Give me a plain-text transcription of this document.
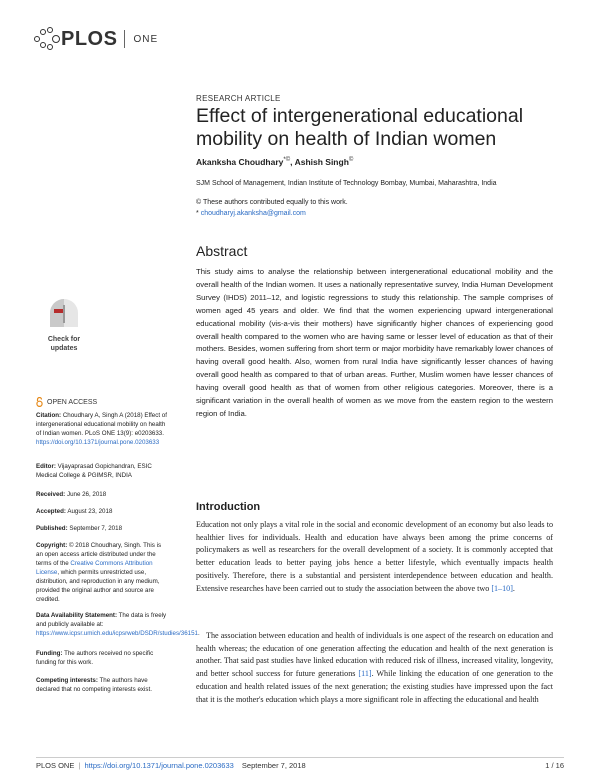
PLOS ONE
RESEARCH ARTICLE
Effect of intergenerational educational mobility on health of Indian women
Akanksha Choudhary*©, Ashish Singh©
SJM School of Management, Indian Institute of Technology Bombay, Mumbai, Maharashtra, India
© These authors contributed equally to this work.
* choudharyj.akanksha@gmail.com
Abstract

This study aims to analyse the relationship between intergenerational educational mobility and the overall health of the Indian women. It uses a nationally representative survey, India Human Development Survey (IHDS) 2011–12, and logistic regressions to study this relationship. The sample comprises of women aged 45 years and older. We find that the women experiencing upward intergenerational educational mobility (vis-a-vis their mothers) have significantly higher chances of experiencing good overall health compared to the women who are having same or lesser level of education as that of their mothers. Besides, women suffering from short term or major morbidity have remarkably lower chances of having overall good health. Also, women from rural India have significantly lesser chances of having overall good health as compared to that of urban areas. Further, Muslim women have lesser chances of having overall good health as that of women from other religious categories. Moreover, there is a significant variation in the overall health of women as we move from the eastern region to the western region of India.

Introduction

Education not only plays a vital role in the social and economic development of an economy but also leads to healthier lives for individuals. Health and education have always been among the prime concerns of policymakers as well as researchers for the overall development of a society. It is commonly accepted that better education leads to better paying jobs hence a better lifestyle, which eventually impacts health positively. Therefore, there is a substantial and persistent interdependence between education and health. Extensive researches have been carried out to study the association between the above two [1–10].

The association between education and health of individuals is one aspect of the research on education and health whereas; the education of one generation affecting the education and health of the next generation is another. That said past studies have linked education with reduced risk of illness, increased vitality, longevity, and better school success for future generations [11]. While linking the education of one generation to the education and health related issues of the next generation; the existing studies have impressed upon the fact that it is the mother's education which plays a more significant role in affecting the educational and health

Check for
updates
OPEN ACCESS
Citation: Choudhary A, Singh A (2018) Effect of intergenerational educational mobility on health of Indian women. PLoS ONE 13(9): e0203633. https://doi.org/10.1371/journal.pone.0203633
Editor: Vijayaprasad Gopichandran, ESIC Medical College & PGIMSR, INDIA
Received: June 26, 2018
Accepted: August 23, 2018
Published: September 7, 2018
Copyright: © 2018 Choudhary, Singh. This is an open access article distributed under the terms of the Creative Commons Attribution License, which permits unrestricted use, distribution, and reproduction in any medium, provided the original author and source are credited.
Data Availability Statement: The data is freely and publicly available at: https://www.icpsr.umich.edu/icpsrweb/DSDR/studies/36151.
Funding: The authors received no specific funding for this work.
Competing interests: The authors have declared that no competing interests exist.
PLOS ONE | https://doi.org/10.1371/journal.pone.0203633 September 7, 2018	1 / 16
